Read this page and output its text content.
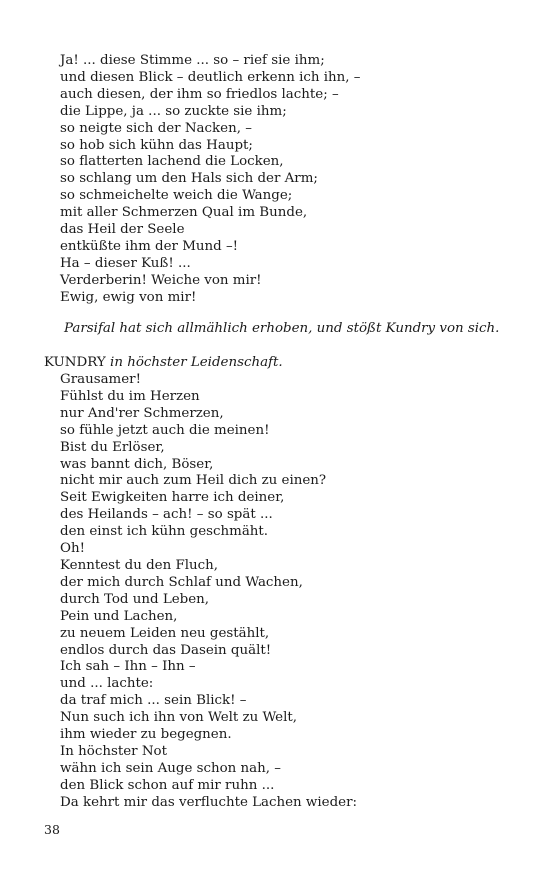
Ja! ... diese Stimme ... so – rief sie ihm;
und diesen Blick – deutlich erkenn ich ihn, –
auch diesen, der ihm so friedlos lachte; –
die Lippe, ja ... so zuckte sie ihm;
so neigte sich der Nacken, –
so hob sich kühn das Haupt;
so flatterten lachend die Locken,
so schlang um den Hals sich der Arm;
so schmeichelte weich die Wange;
mit aller Schmerzen Qual im Bunde,
das Heil der Seele
entküßte ihm der Mund –!
Ha – dieser Kuß! ...
Verderberin! Weiche von mir!
Ewig, ewig von mir!
Parsifal hat sich allmählich erhoben, und stößt Kundry von sich.
KUNDRY in höchster Leidenschaft.
Grausamer!
Fühlst du im Herzen
nur And'rer Schmerzen,
so fühle jetzt auch die meinen!
Bist du Erlöser,
was bannt dich, Böser,
nicht mir auch zum Heil dich zu einen?
Seit Ewigkeiten harre ich deiner,
des Heilands – ach! – so spät ...
den einst ich kühn geschmäht.
Oh!
Kenntest du den Fluch,
der mich durch Schlaf und Wachen,
durch Tod und Leben,
Pein und Lachen,
zu neuem Leiden neu gestählt,
endlos durch das Dasein quält!
Ich sah – Ihn – Ihn –
und ... lachte:
da traf mich ... sein Blick! –
Nun such ich ihn von Welt zu Welt,
ihm wieder zu begegnen.
In höchster Not
wähn ich sein Auge schon nah, –
den Blick schon auf mir ruhn ...
Da kehrt mir das verfluchte Lachen wieder:
38
